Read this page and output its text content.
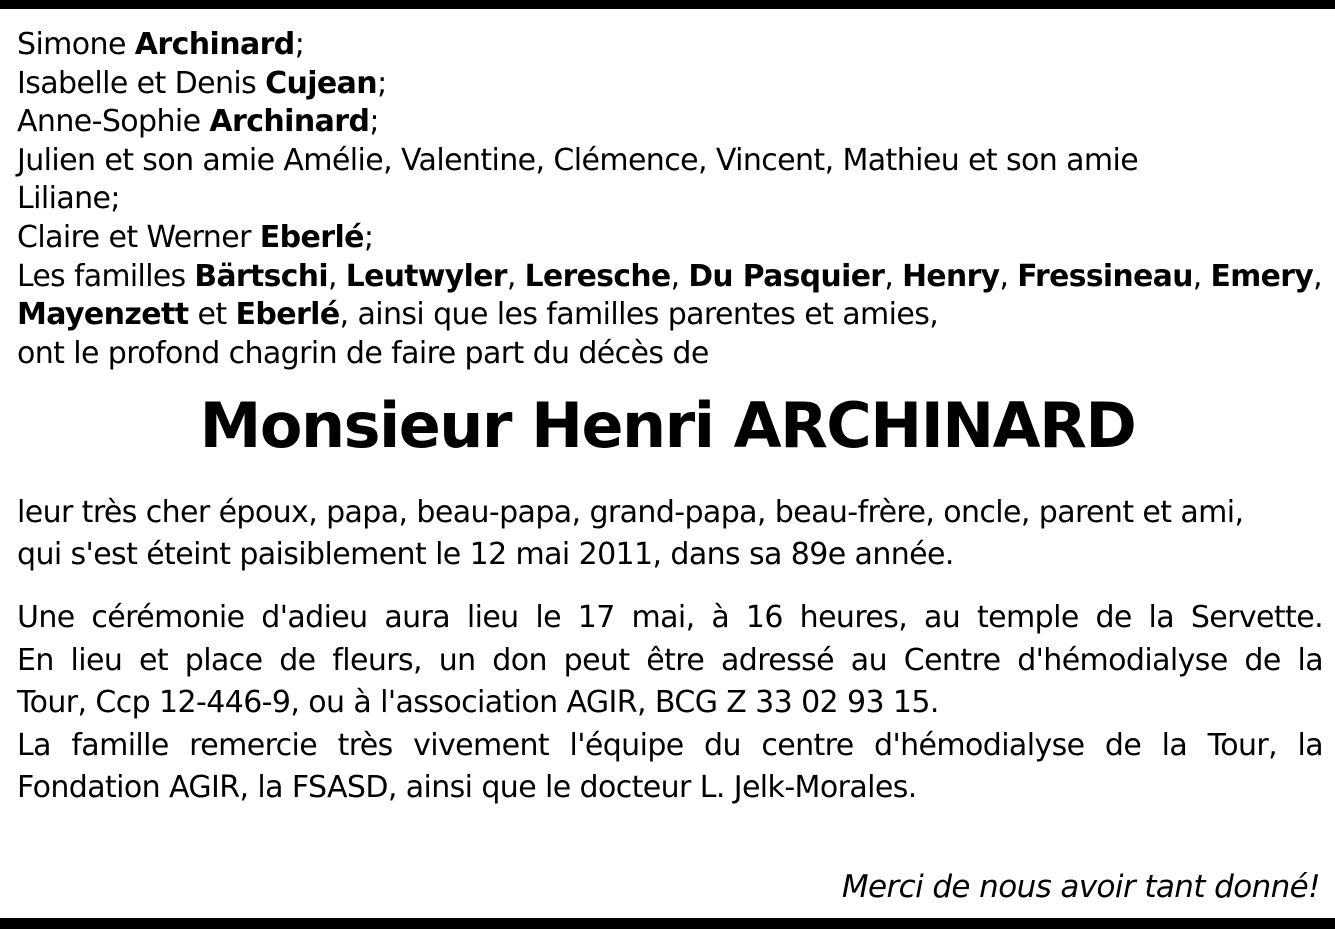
Simone Archinard;
Isabelle et Denis Cujean;
Anne-Sophie Archinard;
Julien et son amie Amélie, Valentine, Clémence, Vincent, Mathieu et son amie
Liliane;
Claire et Werner Eberlé;
Les familles Bärtschi, Leutwyler, Leresche, Du Pasquier, Henry, Fressineau, Emery,
Mayenzett et Eberlé, ainsi que les familles parentes et amies,
ont le profond chagrin de faire part du décès de
Monsieur Henri ARCHINARD
leur très cher époux, papa, beau-papa, grand-papa, beau-frère, oncle, parent et ami,
qui s'est éteint paisiblement le 12 mai 2011, dans sa 89e année.
Une cérémonie d'adieu aura lieu le 17 mai, à 16 heures, au temple de la Servette.
En lieu et place de fleurs, un don peut être adressé au Centre d'hémodialyse de la
Tour, Ccp 12-446-9, ou à l'association AGIR, BCG Z 33 02 93 15.
La famille remercie très vivement l'équipe du centre d'hémodialyse de la Tour, la
Fondation AGIR, la FSASD, ainsi que le docteur L. Jelk-Morales.
Merci de nous avoir tant donné!
